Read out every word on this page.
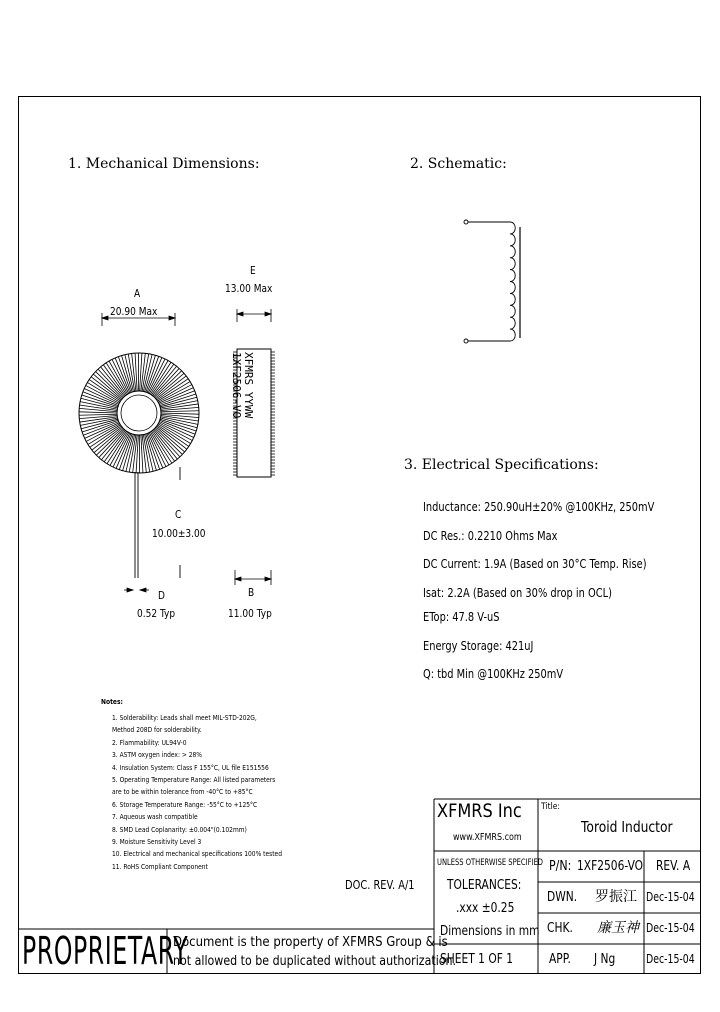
1. Mechanical Dimensions:	2. Schematic:
3. Electrical Specifications:
A
20.90 Max
E
13.00 Max
C
10.00±3.00
D
0.52 Typ
B
11.00 Typ
XFMRS YYWW
1XF2506-VO
Inductance: 250.90uH±20% @100KHz, 250mV
DC Res.: 0.2210 Ohms Max
DC Current: 1.9A (Based on 30°C Temp. Rise)
Isat: 2.2A (Based on 30% drop in OCL)
ETop: 47.8 V-uS
Energy Storage: 421uJ
Q: tbd Min @100KHz 250mV
Notes:
1. Solderability: Leads shall meet MIL-STD-202G,
Method 208D for solderability.
2. Flammability: UL94V-0
3. ASTM oxygen index: > 28%
4. Insulation System: Class F 155°C, UL file E151556
5. Operating Temperature Range: All listed parameters
are to be within tolerance from -40°C to +85°C
6. Storage Temperature Range: -55°C to +125°C
7. Aqueous wash compatible
8. SMD Lead Coplanarity: ±0.004"(0.102mm)
9. Moisture Sensitivity Level 3
10. Electrical and mechanical specifications 100% tested
11. RoHS Compliant Component
DOC. REV. A/1
XFMRS Inc
www.XFMRS.com
Title:
Toroid Inductor
UNLESS OTHERWISE SPECIFIED
TOLERANCES:
.xxx ±0.25
Dimensions in mm
P/N: 1XF2506-VO REV. A
DWN. 罗振江 Dec-15-04
CHK. 廉玉神 Dec-15-04
SHEET 1 OF 1	APP. J Ng	Dec-15-04
PROPRIETARY
Document is the property of XFMRS Group & is
not allowed to be duplicated without authorization.
